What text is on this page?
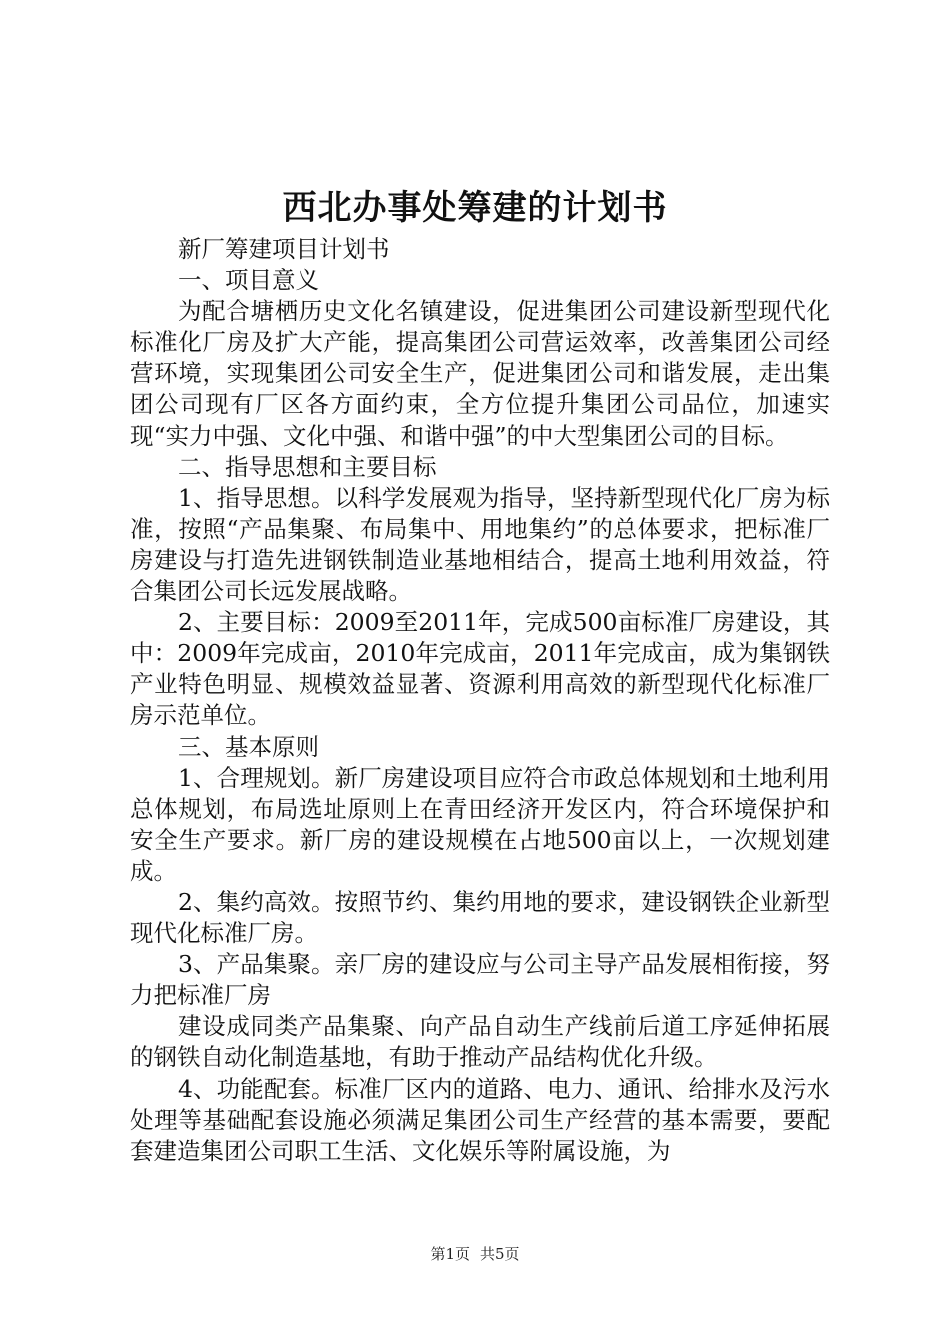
西北办事处筹建的计划书

新厂筹建项目计划书

一、项目意义

为配合塘栖历史文化名镇建设，促进集团公司建设新型现代化标准化厂房及扩大产能，提高集团公司营运效率，改善集团公司经营环境，实现集团公司安全生产，促进集团公司和谐发展，走出集团公司现有厂区各方面约束，全方位提升集团公司品位，加速实现“实力中强、文化中强、和谐中强”的中大型集团公司的目标。

二、指导思想和主要目标

1、指导思想。以科学发展观为指导，坚持新型现代化厂房为标准，按照“产品集聚、布局集中、用地集约”的总体要求，把标准厂房建设与打造先进钢铁制造业基地相结合，提高土地利用效益，符合集团公司长远发展战略。

2、主要目标：2009至2011年，完成500亩标准厂房建设，其中：2009年完成亩，2010年完成亩，2011年完成亩，成为集钢铁产业特色明显、规模效益显著、资源利用高效的新型现代化标准厂房示范单位。

三、基本原则

1、合理规划。新厂房建设项目应符合市政总体规划和土地利用总体规划，布局选址原则上在青田经济开发区内，符合环境保护和安全生产要求。新厂房的建设规模在占地500亩以上，一次规划建成。

2、集约高效。按照节约、集约用地的要求，建设钢铁企业新型现代化标准厂房。

3、产品集聚。亲厂房的建设应与公司主导产品发展相衔接，努力把标准厂房

建设成同类产品集聚、向产品自动生产线前后道工序延伸拓展的钢铁自动化制造基地，有助于推动产品结构优化升级。

4、功能配套。标准厂区内的道路、电力、通讯、给排水及污水处理等基础配套设施必须满足集团公司生产经营的基本需要，要配套建造集团公司职工生活、文化娱乐等附属设施，为

第1页 共5页
